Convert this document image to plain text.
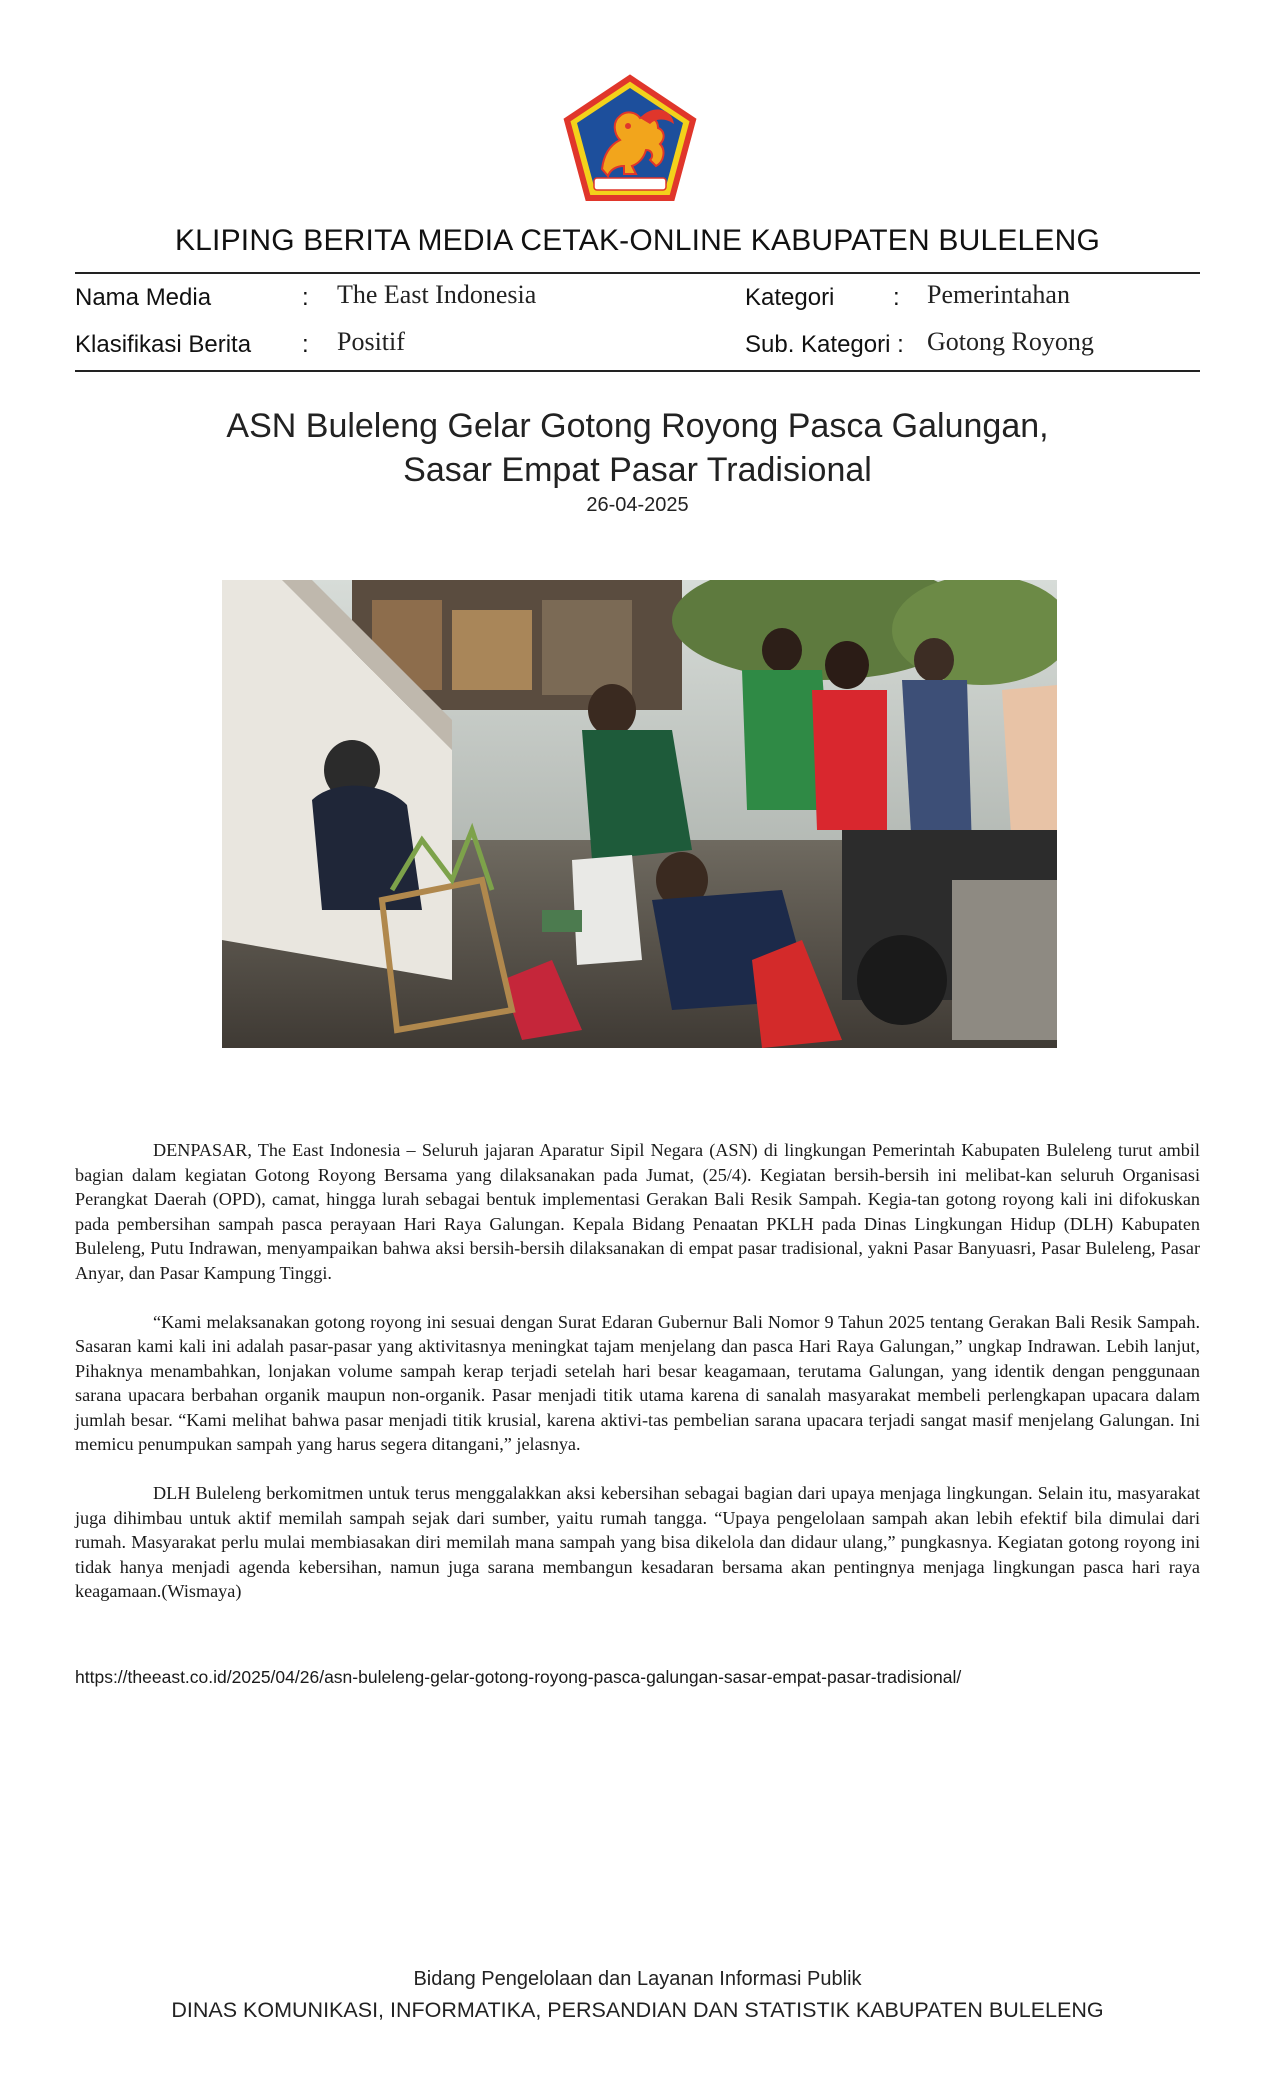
KLIPING BERITA MEDIA CETAK-ONLINE KABUPATEN BULELENG
Nama Media	: The East Indonesia	Kategori : Pemerintahan
Klasifikasi Berita : Positif	Sub. Kategori : Gotong Royong
ASN Buleleng Gelar Gotong Royong Pasca Galungan,
Sasar Empat Pasar Tradisional
26-04-2025

DENPASAR, The East Indonesia – Seluruh jajaran Aparatur Sipil Negara (ASN) di lingkungan Pemerintah Kabupaten Buleleng turut ambil bagian dalam kegiatan Gotong Royong Bersama yang dilaksanakan pada Jumat, (25/4). Kegiatan bersih-bersih ini melibat-kan seluruh Organisasi Perangkat Daerah (OPD), camat, hingga lurah sebagai bentuk implementasi Gerakan Bali Resik Sampah. Kegia-tan gotong royong kali ini difokuskan pada pembersihan sampah pasca perayaan Hari Raya Galungan. Kepala Bidang Penaatan PKLH pada Dinas Lingkungan Hidup (DLH) Kabupaten Buleleng, Putu Indrawan, menyampaikan bahwa aksi bersih-bersih dilaksanakan di empat pasar tradisional, yakni Pasar Banyuasri, Pasar Buleleng, Pasar Anyar, dan Pasar Kampung Tinggi.

“Kami melaksanakan gotong royong ini sesuai dengan Surat Edaran Gubernur Bali Nomor 9 Tahun 2025 tentang Gerakan Bali Resik Sampah. Sasaran kami kali ini adalah pasar-pasar yang aktivitasnya meningkat tajam menjelang dan pasca Hari Raya Galungan,” ungkap Indrawan. Lebih lanjut, Pihaknya menambahkan, lonjakan volume sampah kerap terjadi setelah hari besar keagamaan, terutama Galungan, yang identik dengan penggunaan sarana upacara berbahan organik maupun non-organik. Pasar menjadi titik utama karena di sanalah masyarakat membeli perlengkapan upacara dalam jumlah besar. “Kami melihat bahwa pasar menjadi titik krusial, karena aktivi-tas pembelian sarana upacara terjadi sangat masif menjelang Galungan. Ini memicu penumpukan sampah yang harus segera ditangani,” jelasnya.

DLH Buleleng berkomitmen untuk terus menggalakkan aksi kebersihan sebagai bagian dari upaya menjaga lingkungan. Selain itu, masyarakat juga dihimbau untuk aktif memilah sampah sejak dari sumber, yaitu rumah tangga. “Upaya pengelolaan sampah akan lebih efektif bila dimulai dari rumah. Masyarakat perlu mulai membiasakan diri memilah mana sampah yang bisa dikelola dan didaur ulang,” pungkasnya. Kegiatan gotong royong ini tidak hanya menjadi agenda kebersihan, namun juga sarana membangun kesadaran bersama akan pentingnya menjaga lingkungan pasca hari raya keagamaan.(Wismaya)

https://theeast.co.id/2025/04/26/asn-buleleng-gelar-gotong-royong-pasca-galungan-sasar-empat-pasar-tradisional/
Bidang Pengelolaan dan Layanan Informasi Publik
DINAS KOMUNIKASI, INFORMATIKA, PERSANDIAN DAN STATISTIK KABUPATEN BULELENG
